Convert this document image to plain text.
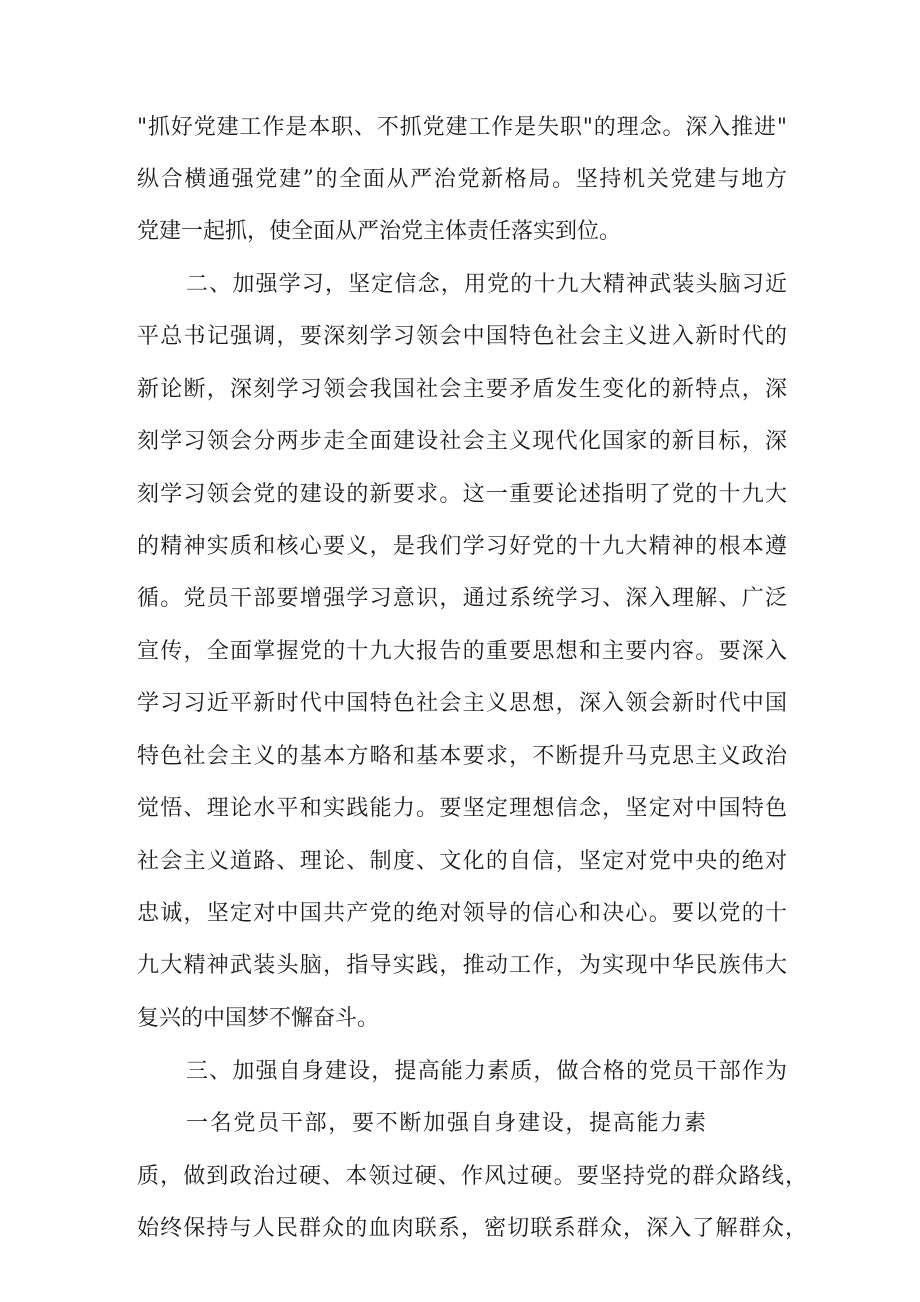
"抓好党建工作是本职、不抓党建工作是失职"的理念。深入推进"
纵合横通强党建”的全面从严治党新格局。坚持机关党建与地方
党建一起抓，使全面从严治党主体责任落实到位。
二、加强学习，坚定信念，用党的十九大精神武装头脑习近
平总书记强调，要深刻学习领会中国特色社会主义进入新时代的
新论断，深刻学习领会我国社会主要矛盾发生变化的新特点，深
刻学习领会分两步走全面建设社会主义现代化国家的新目标，深
刻学习领会党的建设的新要求。这一重要论述指明了党的十九大
的精神实质和核心要义，是我们学习好党的十九大精神的根本遵
循。党员干部要增强学习意识，通过系统学习、深入理解、广泛
宣传，全面掌握党的十九大报告的重要思想和主要内容。要深入
学习习近平新时代中国特色社会主义思想，深入领会新时代中国
特色社会主义的基本方略和基本要求，不断提升马克思主义政治
觉悟、理论水平和实践能力。要坚定理想信念，坚定对中国特色
社会主义道路、理论、制度、文化的自信，坚定对党中央的绝对
忠诚，坚定对中国共产党的绝对领导的信心和决心。要以党的十
九大精神武装头脑，指导实践，推动工作，为实现中华民族伟大
复兴的中国梦不懈奋斗。
三、加强自身建设，提高能力素质，做合格的党员干部作为
一名党员干部，要不断加强自身建设，提高能力素
质，做到政治过硬、本领过硬、作风过硬。要坚持党的群众路线，
始终保持与人民群众的血肉联系，密切联系群众，深入了解群众，
